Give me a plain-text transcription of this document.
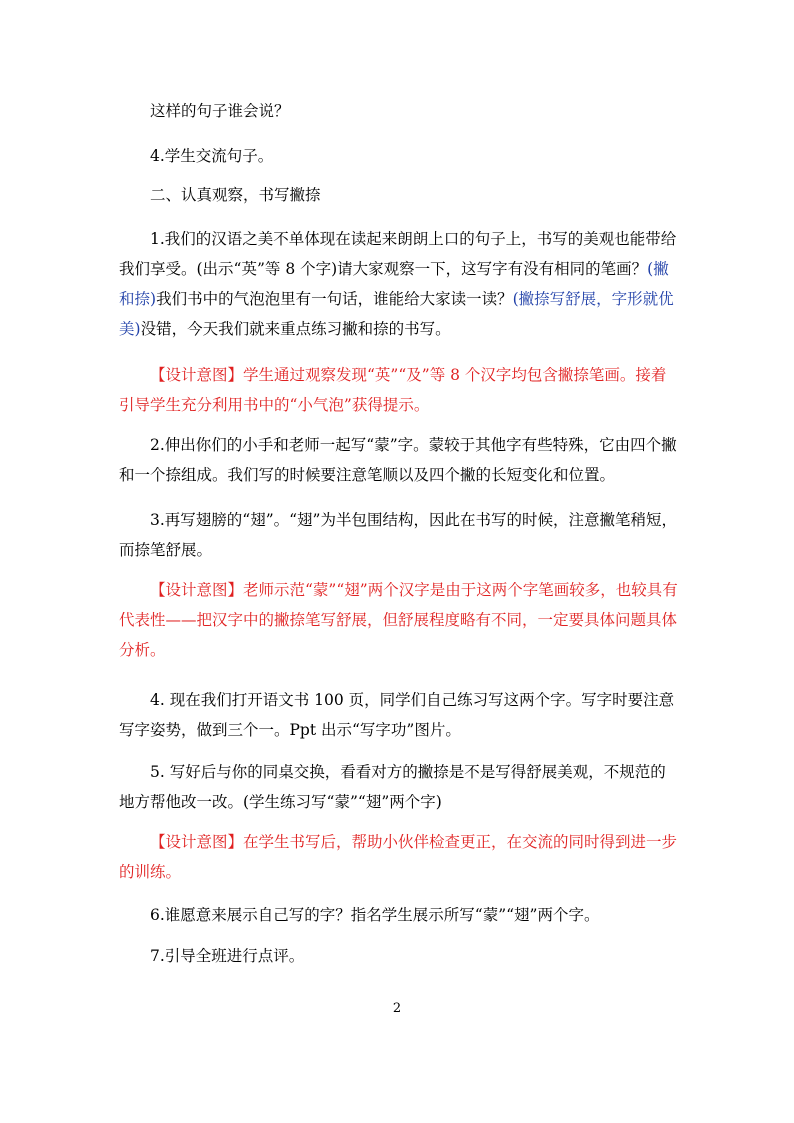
这样的句子谁会说？

4.学生交流句子。

二、认真观察，书写撇捺

1.我们的汉语之美不单体现在读起来朗朗上口的句子上，书写的美观也能带给我们享受。(出示“英”等 8 个字)请大家观察一下，这写字有没有相同的笔画？(撇和捺)我们书中的气泡泡里有一句话，谁能给大家读一读？(撇捺写舒展，字形就优美)没错，今天我们就来重点练习撇和捺的书写。

【设计意图】学生通过观察发现“英”“及”等 8 个汉字均包含撇捺笔画。接着引导学生充分利用书中的“小气泡”获得提示。

2.伸出你们的小手和老师一起写“蒙”字。蒙较于其他字有些特殊，它由四个撇和一个捺组成。我们写的时候要注意笔顺以及四个撇的长短变化和位置。

3.再写翅膀的“翅”。“翅”为半包围结构，因此在书写的时候，注意撇笔稍短，而捺笔舒展。

【设计意图】老师示范“蒙”“翅”两个汉字是由于这两个字笔画较多，也较具有代表性——把汉字中的撇捺笔写舒展，但舒展程度略有不同，一定要具体问题具体分析。

4. 现在我们打开语文书 100 页，同学们自己练习写这两个字。写字时要注意写字姿势，做到三个一。Ppt 出示“写字功”图片。

5. 写好后与你的同桌交换，看看对方的撇捺是不是写得舒展美观，不规范的地方帮他改一改。(学生练习写“蒙”“翅”两个字)

【设计意图】在学生书写后，帮助小伙伴检查更正，在交流的同时得到进一步的训练。

6.谁愿意来展示自己写的字？指名学生展示所写“蒙”“翅”两个字。

7.引导全班进行点评。

2
